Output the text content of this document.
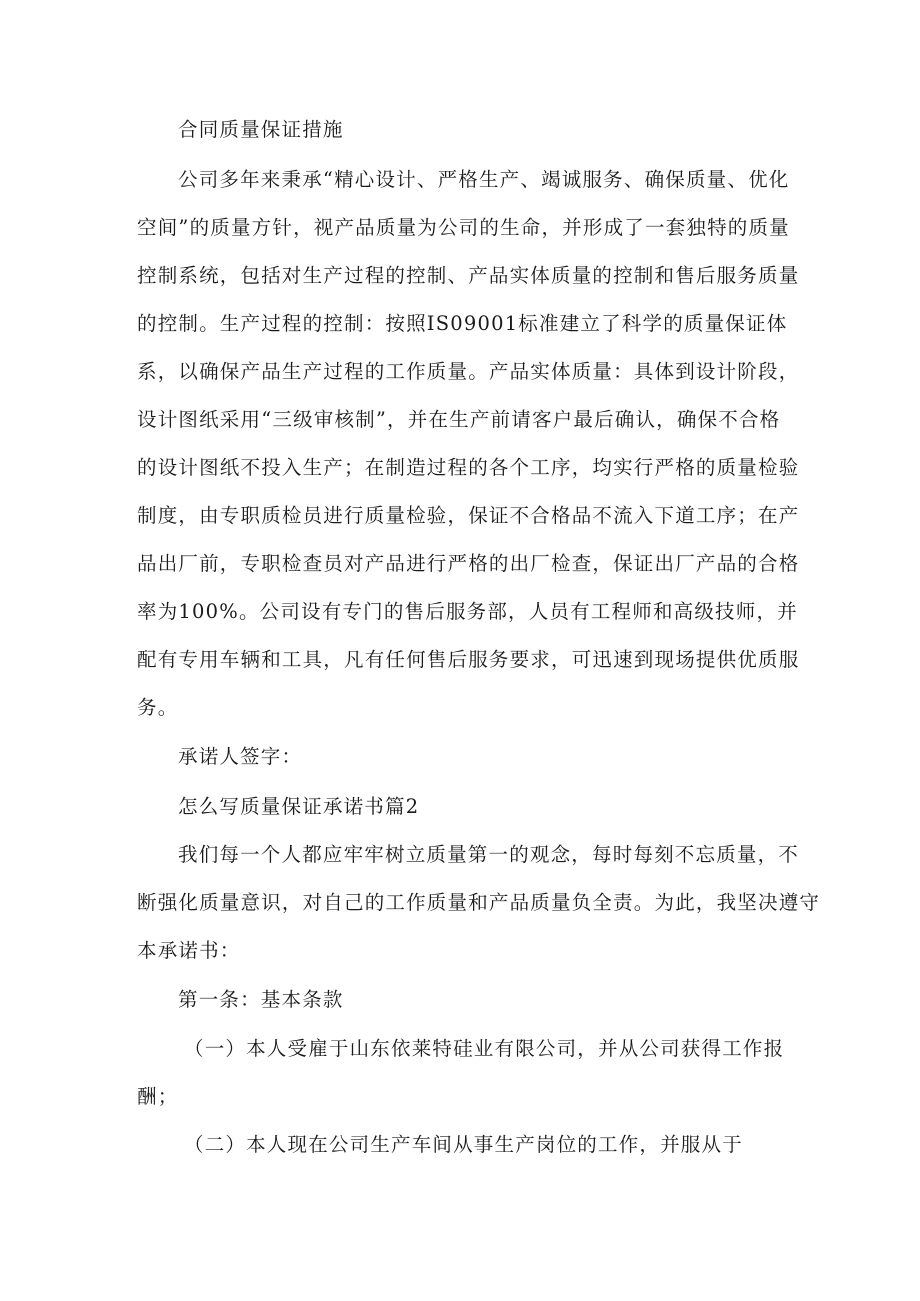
合同质量保证措施
公司多年来秉承“精心设计、严格生产、竭诚服务、确保质量、优化
空间”的质量方针，视产品质量为公司的生命，并形成了一套独特的质量
控制系统，包括对生产过程的控制、产品实体质量的控制和售后服务质量
的控制。生产过程的控制：按照IS09001标准建立了科学的质量保证体
系，以确保产品生产过程的工作质量。产品实体质量：具体到设计阶段，
设计图纸采用“三级审核制”，并在生产前请客户最后确认，确保不合格
的设计图纸不投入生产；在制造过程的各个工序，均实行严格的质量检验
制度，由专职质检员进行质量检验，保证不合格品不流入下道工序；在产
品出厂前，专职检查员对产品进行严格的出厂检查，保证出厂产品的合格
率为100%。公司设有专门的售后服务部，人员有工程师和高级技师，并
配有专用车辆和工具，凡有任何售后服务要求，可迅速到现场提供优质服
务。
承诺人签字：
怎么写质量保证承诺书篇2
我们每一个人都应牢牢树立质量第一的观念，每时每刻不忘质量，不
断强化质量意识，对自己的工作质量和产品质量负全责。为此，我坚决遵守
本承诺书：
第一条：基本条款
（一）本人受雇于山东依莱特硅业有限公司，并从公司获得工作报
酬；
（二）本人现在公司生产车间从事生产岗位的工作，并服从于
